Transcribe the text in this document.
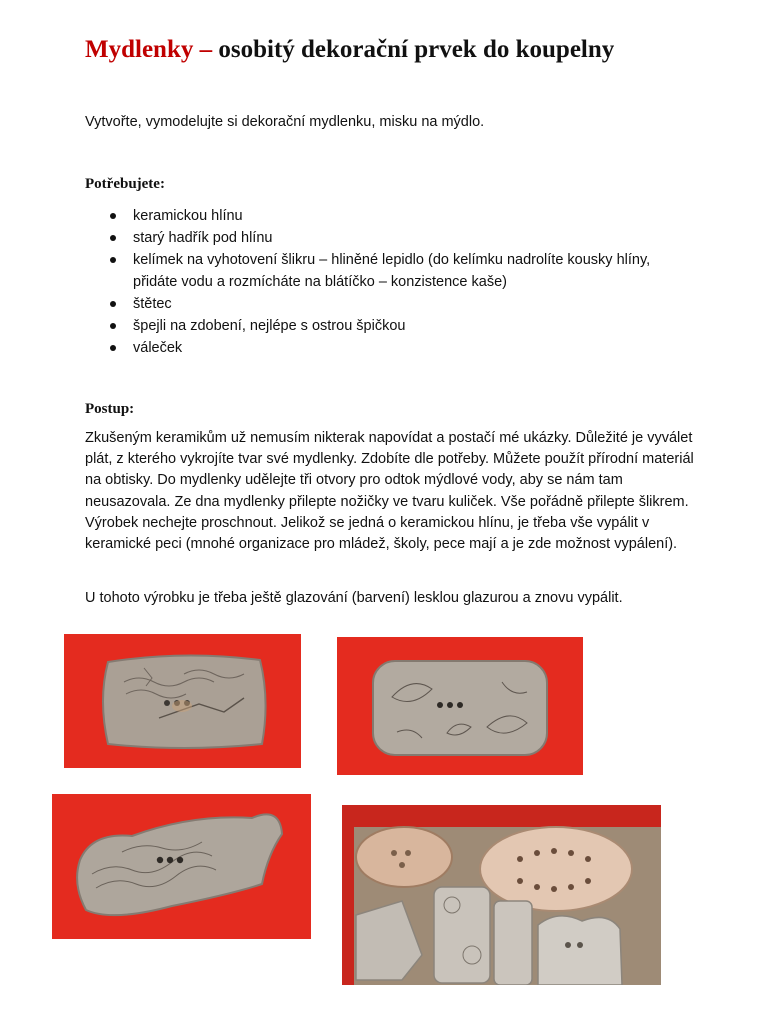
Mydlenky – osobitý dekorační prvek do koupelny

Vytvořte, vymodelujte si dekorační mydlenku, misku na mýdlo.

Potřebujete:
keramickou hlínu
starý hadřík pod hlínu
kelímek na vyhotovení šlikru – hliněné lepidlo (do kelímku nadrolíte kousky hlíny, přidáte vodu a rozmícháte na blátíčko – konzistence kaše)
štětec
špejli na zdobení, nejlépe s ostrou špičkou
váleček
Postup:

Zkušeným keramikům už nemusím nikterak napovídat a postačí mé ukázky. Důležité je vyválet plát, z kterého vykrojíte tvar své mydlenky. Zdobíte dle potřeby. Můžete použít přírodní materiál na obtisky. Do mydlenky udělejte tři otvory pro odtok mýdlové vody, aby se nám tam neusazovala. Ze dna mydlenky přilepte nožičky ve tvaru kuliček. Vše pořádně přilepte šlikrem. Výrobek nechejte proschnout. Jelikož se jedná o keramickou hlínu, je třeba vše vypálit v keramické peci (mnohé organizace pro mládež, školy, pece mají a je zde možnost vypálení).

U tohoto výrobku je třeba ještě glazování (barvení) lesklou glazurou a znovu vypálit.
